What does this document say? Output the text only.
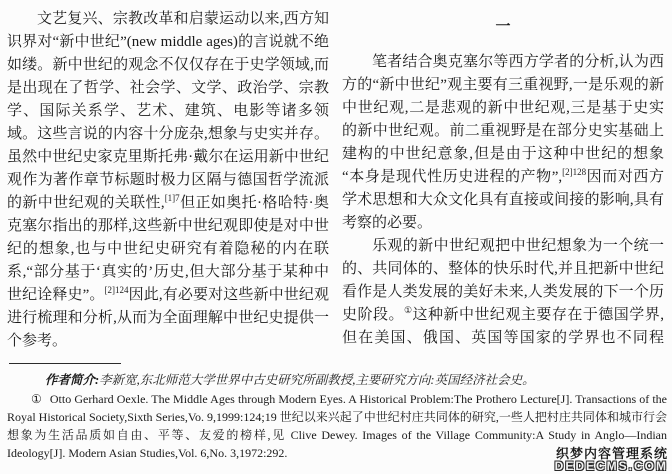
文艺复兴、宗教改革和启蒙运动以来,西方知识界对“新中世纪”(new middle ages)的言说就不绝如缕。新中世纪的观念不仅仅存在于史学领域,而是出现在了哲学、社会学、文学、政治学、宗教学、国际关系学、艺术、建筑、电影等诸多领域。这些言说的内容十分庞杂,想象与史实并存。虽然中世纪史家克里斯托弗·戴尔在运用新中世纪观作为著作章节标题时极力区隔与德国哲学流派的新中世纪观的关联性,$^{[1]7}$但正如奥托·格哈特·奥克塞尔指出的那样,这些新中世纪观即使是对中世纪的想象,也与中世纪史研究有着隐秘的内在联系,“部分基于‘真实的’历史,但大部分基于某种中世纪诠释史”。$^{[2]124}$因此,有必要对这些新中世纪观进行梳理和分析,从而为全面理解中世纪史提供一个参考。

一

笔者结合奥克塞尔等西方学者的分析,认为西方的“新中世纪”观主要有三重视野,一是乐观的新中世纪观,二是悲观的新中世纪观,三是基于史实的新中世纪观。前二重视野是在部分史实基础上建构的中世纪意象,但是由于这种中世纪的想象“本身是现代性历史进程的产物”,$^{[2]128}$因而对西方学术思想和大众文化具有直接或间接的影响,具有考察的必要。

乐观的新中世纪观把中世纪想象为一个统一的、共同体的、整体的快乐时代,并且把新中世纪看作是人类发展的美好未来,人类发展的下一个历史阶段。①这种新中世纪观主要存在于德国学界,但在美国、俄国、英国等国家的学界也不同程

作者简介:李新宽,东北师范大学世界中古史研究所副教授,主要研究方向:英国经济社会史。

① Otto Gerhard Oexle. The Middle Ages through Modern Eyes. A Historical Problem:The Prothero Lecture[J]. Transactions of the Royal Historical Society,Sixth Series,Vo. 9,1999:124;19 世纪以来兴起了中世纪村庄共同体的研究,一些人把村庄共同体和城市行会想象为生活品质如自由、平等、友爱的榜样,见 Clive Dewey. Images of the Village Community:A Study in Anglo—Indian Ideology[J]. Modern Asian Studies,Vol. 6,No. 3,1972:292.	织梦内容管理系统
DEDECMS.COM
